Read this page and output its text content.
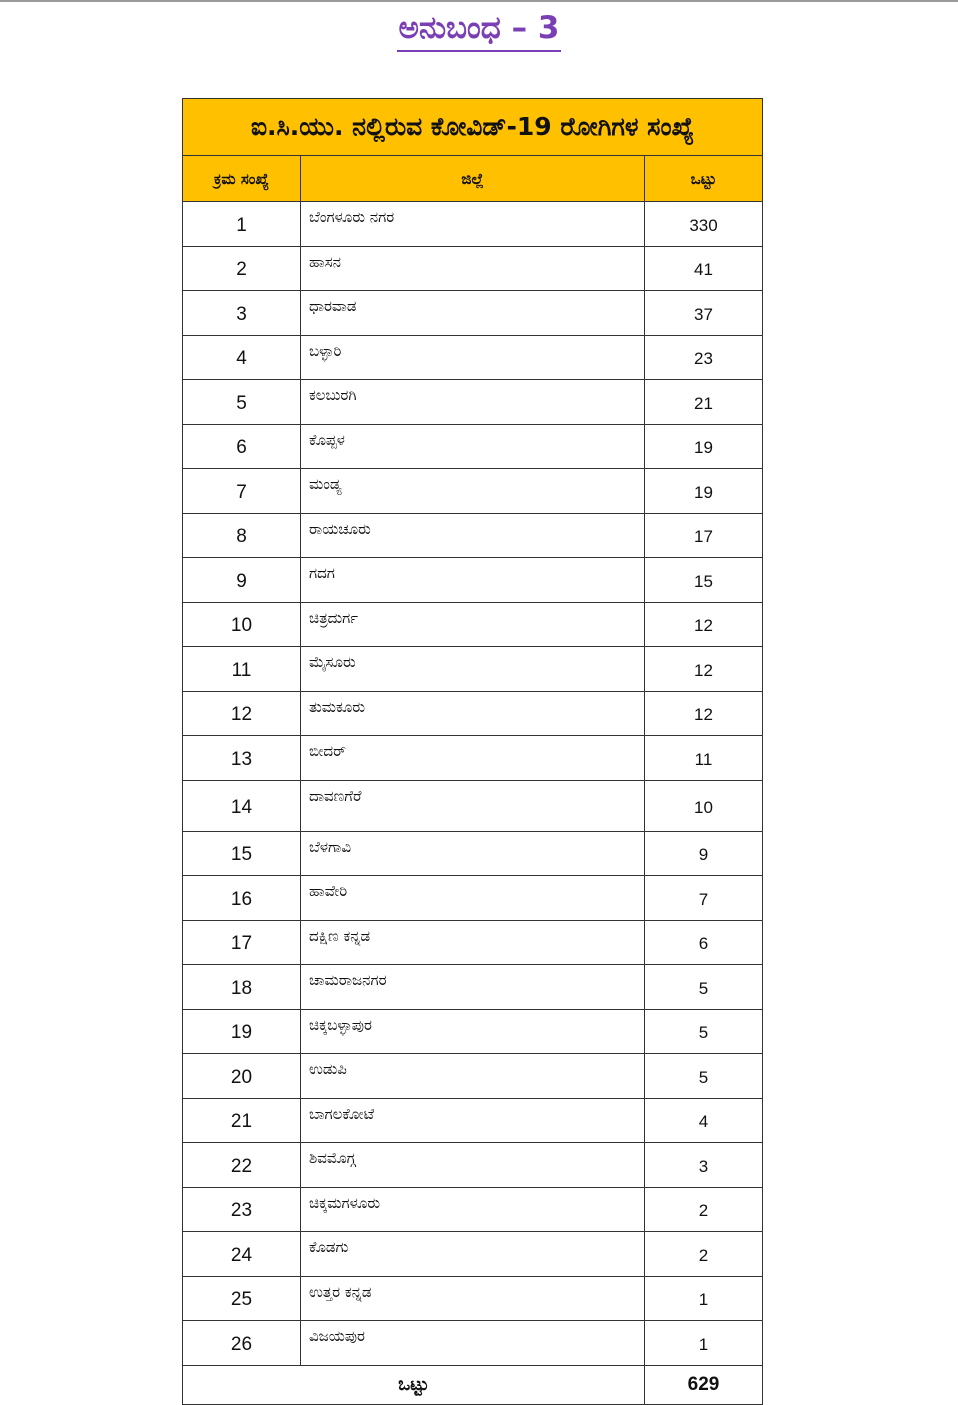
ಅನುಬಂಧ – 3
ಐ.ಸಿ.ಯು. ನಲ್ಲಿರುವ ಕೋವಿಡ್‌-19 ರೋಗಿಗಳ ಸಂಖ್ಯೆ		
ಕ್ರಮ ಸಂಖ್ಯೆ	ಜಿಲ್ಲೆ	ಒಟ್ಟು
1	ಬೆಂಗಳೂರು ನಗರ	330
2	ಹಾಸನ	41
3	ಧಾರವಾಡ	37
4	ಬಳ್ಳಾರಿ	23
5	ಕಲಬುರಗಿ	21
6	ಕೊಪ್ಪಳ	19
7	ಮಂಡ್ಯ	19
8	ರಾಯಚೂರು	17
9	ಗದಗ	15
10	ಚಿತ್ರದುರ್ಗ	12
11	ಮೈಸೂರು	12
12	ತುಮಕೂರು	12
13	ಬೀದರ್‌	11
14	ದಾವಣಗೆರೆ	10
15	ಬೆಳಗಾವಿ	9
16	ಹಾವೇರಿ	7
17	ದಕ್ಷಿಣ ಕನ್ನಡ	6
18	ಚಾಮರಾಜನಗರ	5
19	ಚಿಕ್ಕಬಳ್ಳಾಪುರ	5
20	ಉಡುಪಿ	5
21	ಬಾಗಲಕೋಟೆ	4
22	ಶಿವಮೊಗ್ಗ	3
23	ಚಿಕ್ಕಮಗಳೂರು	2
24	ಕೊಡಗು	2
25	ಉತ್ತರ ಕನ್ನಡ	1
26	ವಿಜಯಪುರ	1
ಒಟ್ಟು		629
